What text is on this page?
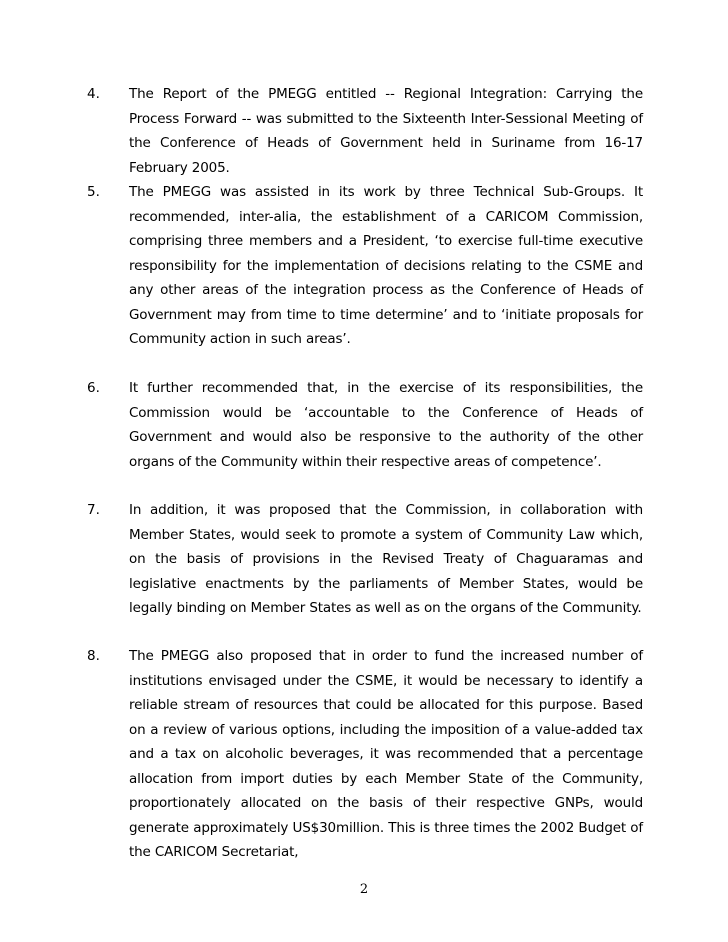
4. The Report of the PMEGG entitled -- Regional Integration: Carrying the Process Forward -- was submitted to the Sixteenth Inter-Sessional Meeting of the Conference of Heads of Government held in Suriname from 16-17 February 2005.
5. The PMEGG was assisted in its work by three Technical Sub-Groups. It recommended, inter-alia, the establishment of a CARICOM Commission, comprising three members and a President, ‘to exercise full-time executive responsibility for the implementation of decisions relating to the CSME and any other areas of the integration process as the Conference of Heads of Government may from time to time determine’ and to ‘initiate proposals for Community action in such areas’.
6. It further recommended that, in the exercise of its responsibilities, the Commission would be ‘accountable to the Conference of Heads of Government and would also be responsive to the authority of the other organs of the Community within their respective areas of competence’.
7. In addition, it was proposed that the Commission, in collaboration with Member States, would seek to promote a system of Community Law which, on the basis of provisions in the Revised Treaty of Chaguaramas and legislative enactments by the parliaments of Member States, would be legally binding on Member States as well as on the organs of the Community.
8. The PMEGG also proposed that in order to fund the increased number of institutions envisaged under the CSME, it would be necessary to identify a reliable stream of resources that could be allocated for this purpose. Based on a review of various options, including the imposition of a value-added tax and a tax on alcoholic beverages, it was recommended that a percentage allocation from import duties by each Member State of the Community, proportionately allocated on the basis of their respective GNPs, would generate approximately US$30million. This is three times the 2002 Budget of the CARICOM Secretariat,
2
